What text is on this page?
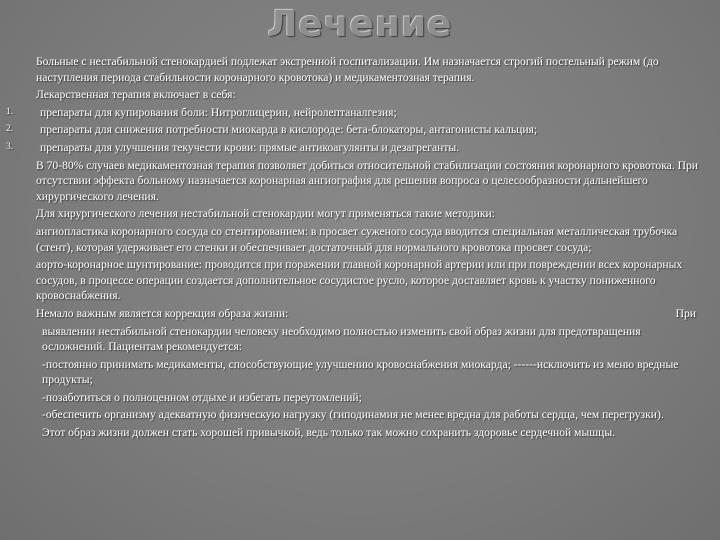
Лечение
Больные с нестабильной стенокардией подлежат экстренной госпитализации. Им назначается строгий постельный режим (до наступления периода стабильности коронарного кровотока) и медикаментозная терапия.
Лекарственная терапия включает в себя:
1. препараты для купирования боли: Нитроглицерин, нейролептаналгезия;
2. препараты для снижения потребности миокарда в кислороде: бета-блокаторы, антагонисты кальция;
3. препараты для улучшения текучести крови: прямые антикоагулянты и дезагреганты.
В 70-80% случаев медикаментозная терапия позволяет добиться относительной стабилизации состояния коронарного кровотока. При отсутствии эффекта больному назначается коронарная ангиография для решения вопроса о целесообразности дальнейшего хирургического лечения.
Для хирургического лечения нестабильной стенокардии могут применяться такие методики:
ангиопластика коронарного сосуда со стентированием: в просвет суженого сосуда вводится специальная металлическая трубочка (стент), которая удерживает его стенки и обеспечивает достаточный для нормального кровотока просвет сосуда;
аорто-коронарное шунтирование: проводится при поражении главной коронарной артерии или при повреждении всех коронарных сосудов, в процессе операции создается дополнительное сосудистое русло, которое доставляет кровь к участку пониженного кровоснабжения.
Немало важным является коррекция образа жизни:	При
выявлении нестабильной стенокардии человеку необходимо полностью изменить свой образ жизни для предотвращения осложнений. Пациентам рекомендуется:
-постоянно принимать медикаменты, способствующие улучшению кровоснабжения миокарда; ------исключить из меню вредные продукты;
-позаботиться о полноценном отдыхе и избегать переутомлений;
-обеспечить организму адекватную физическую нагрузку (гиподинамия не менее вредна для работы сердца, чем перегрузки).
Этот образ жизни должен стать хорошей привычкой, ведь только так можно сохранить здоровье сердечной мышцы.
